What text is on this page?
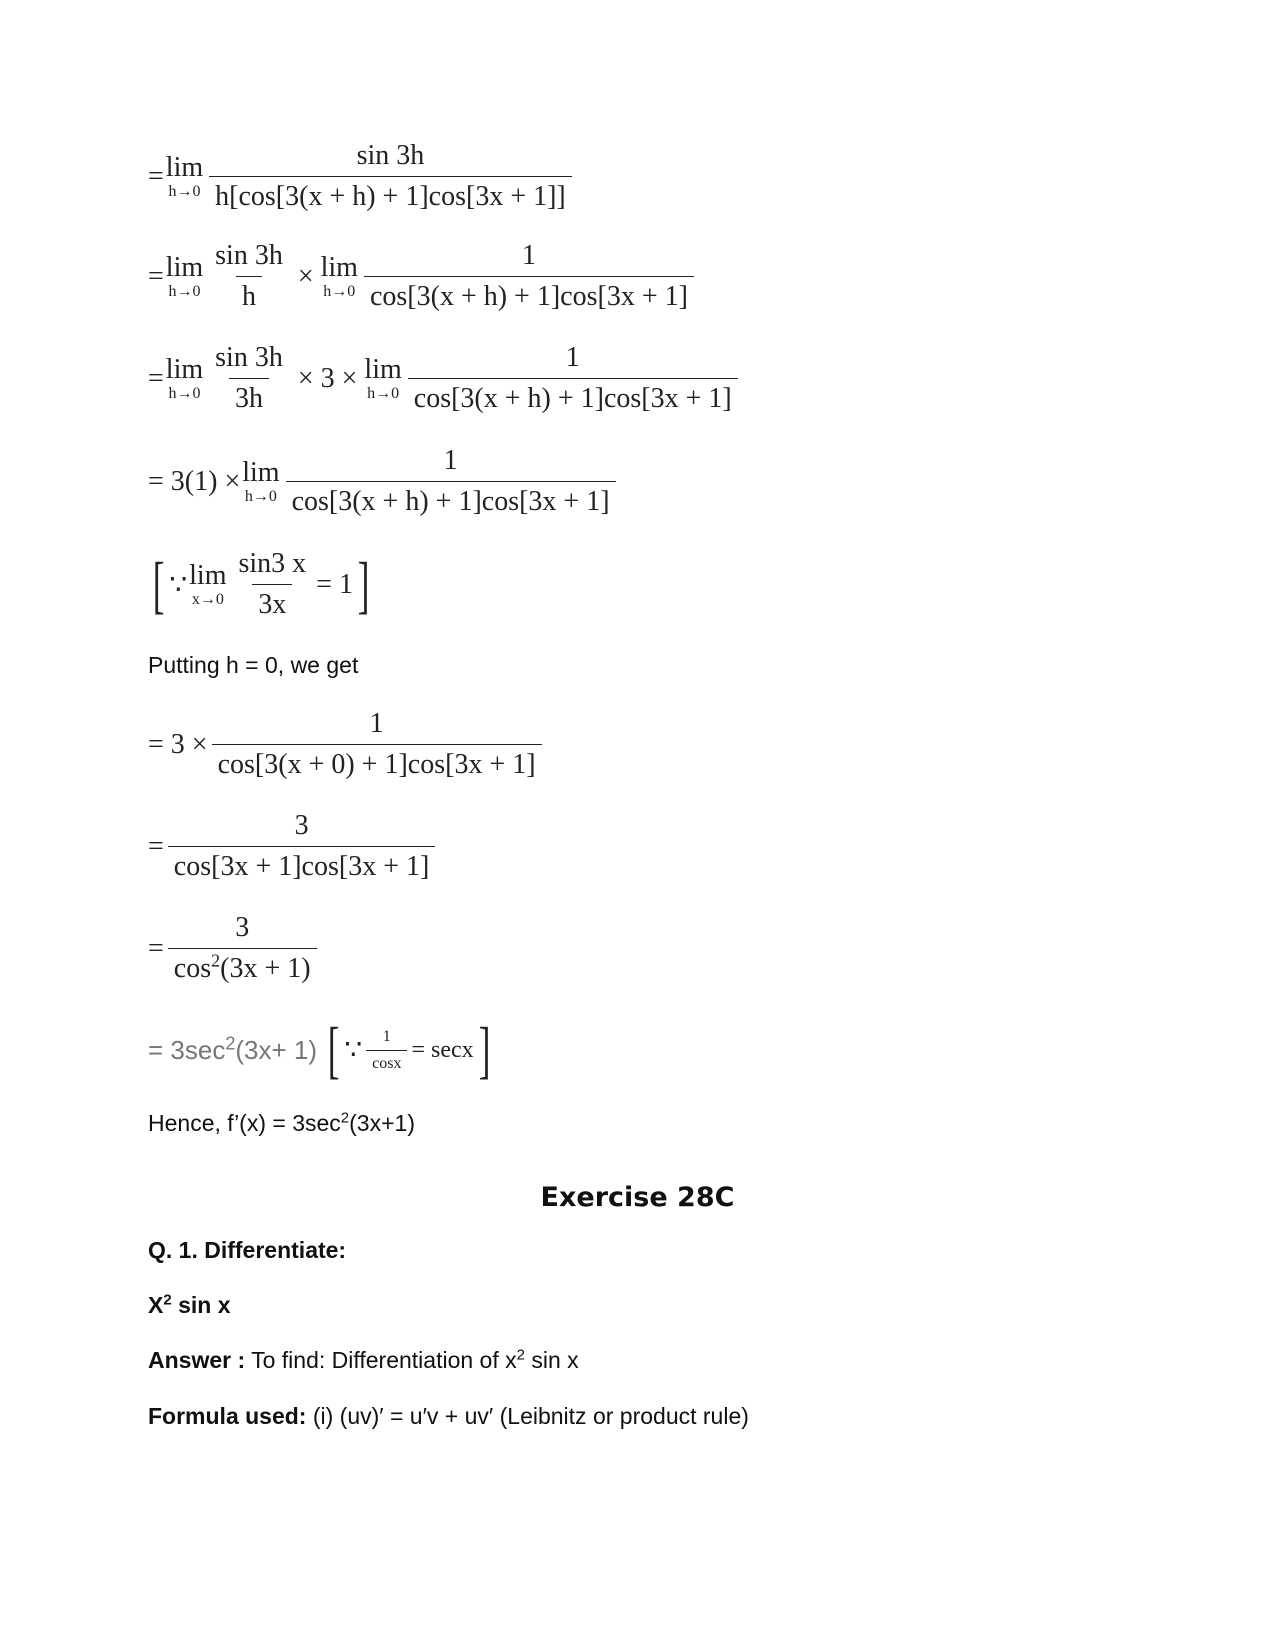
= lim
$h\to 0 \frac{\sin 3h}{h[\cos[3(x + h) + 1]\cos[3x + 1]]}$
= lim
$h\to 0 \frac{\sin 3h}{h} \times \lim$
$h\to 0 \frac{1}{\cos[3(x + h) + 1]\cos[3x + 1]}$
= lim
$h\to 0 \frac{\sin 3h}{3h} \times 3 \times \lim$
$h\to 0 \frac{1}{\cos[3(x + h) + 1]\cos[3x + 1]}$
= 3(1) × lim
$h\to 0 \frac{1}{\cos[3(x + h) + 1]\cos[3x + 1]}$
[ ∵ lim
$x\to 0 \frac{\sin 3 x}{3x} = 1$ ]
Putting h = 0, we get
= $3 \times \frac{1}{\cos[3(x + 0) + 1]\cos[3x + 1]}$
= $\frac{3}{\cos[3x + 1]\cos[3x + 1]}$
= $\frac{3}{\cos^2(3x + 1)}$
= $3\sec^2(3x+ 1)$ [ ∵ $\frac{1}{\cos x} = \sec x$ ]
Hence, f’(x) = $3\sec^2(3x+1)$
Exercise 28C
Q. 1. Differentiate:
$X^2$ sin x
Answer : To find: Differentiation of $x^2$ sin x
Formula used: (i) (uv)′ = u′v + uv′ (Leibnitz or product rule)
